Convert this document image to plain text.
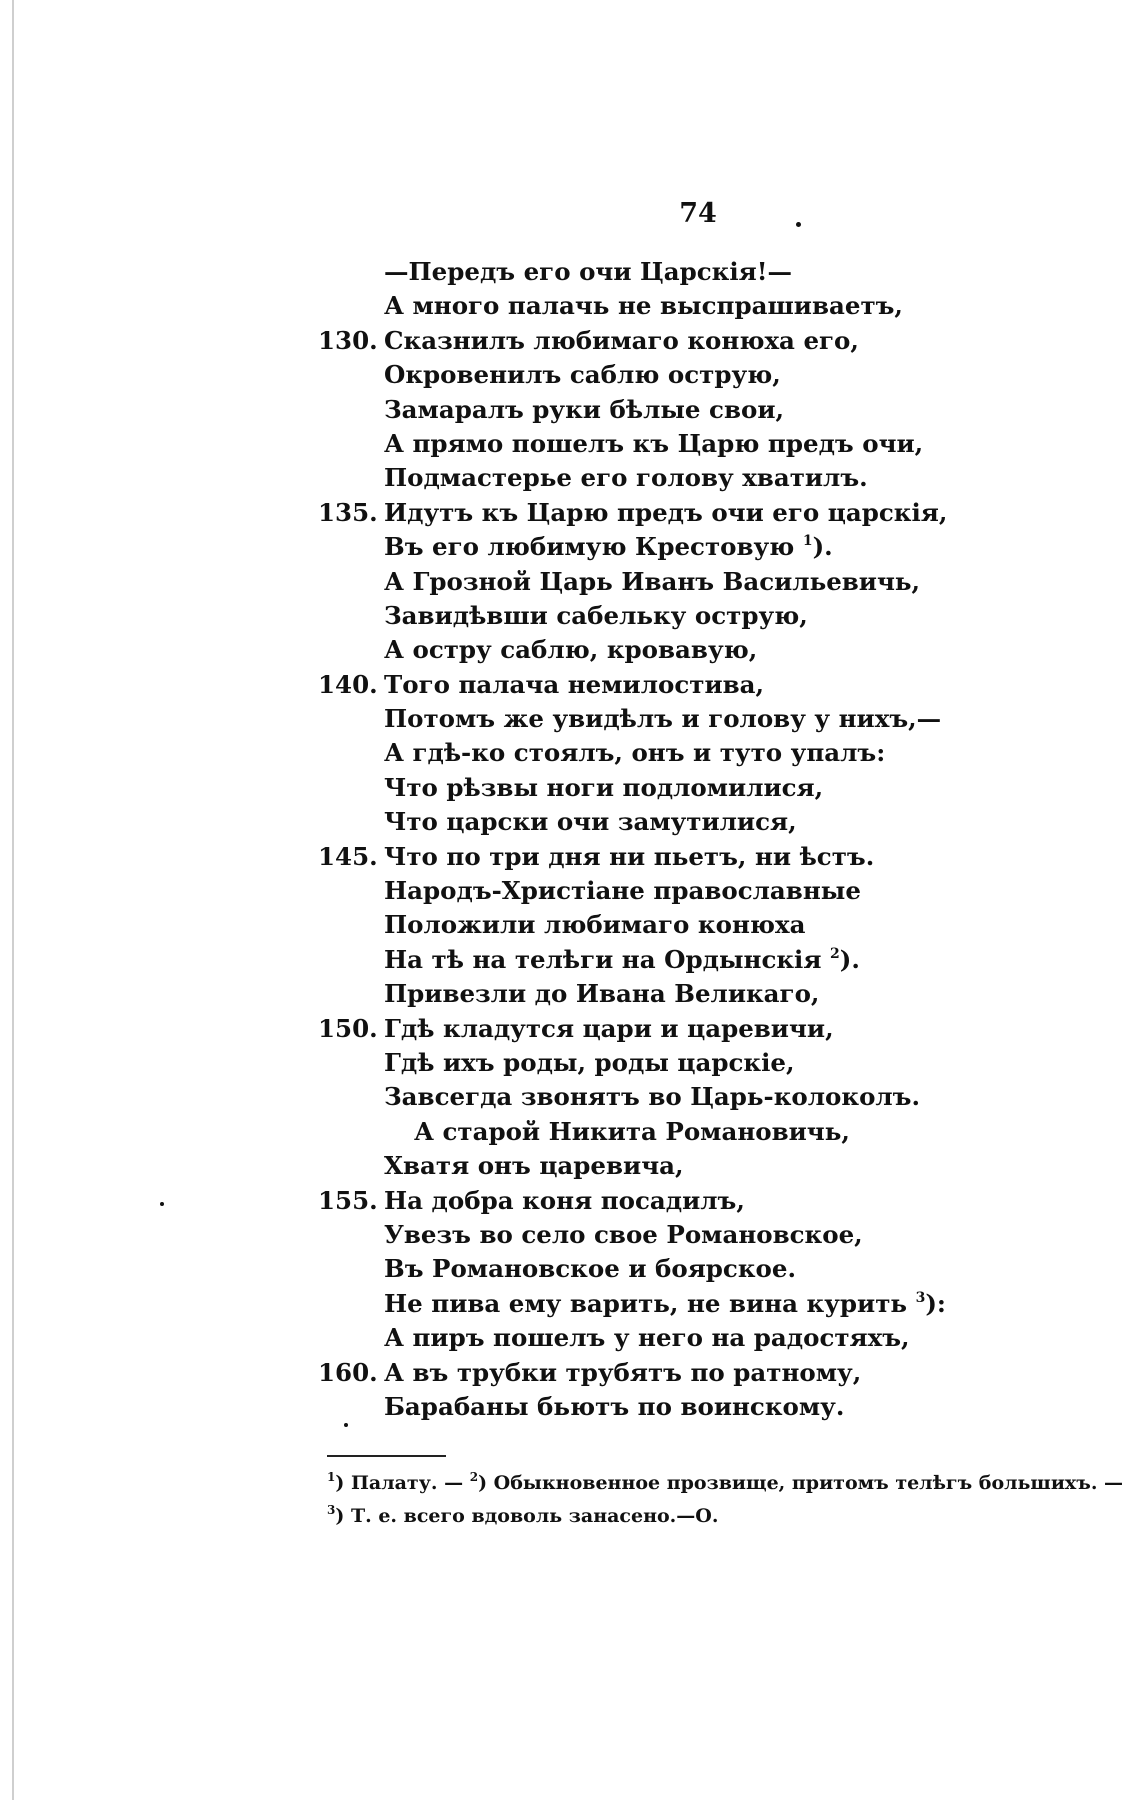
74
—Передъ его очи Царскiя!—
А много палачь не выспрашиваетъ,
130. Сказнилъ любимаго конюха его,
Окровенилъ саблю острую,
Замаралъ руки бѣлые свои,
А прямо пошелъ къ Царю предъ очи,
Подмастерье его голову хватилъ.
135. Идутъ къ Царю предъ очи его царскiя,
Въ его любимую Крестовую $^1$).
А Грозной Царь Иванъ Васильевичь,
Завидѣвши сабельку острую,
А остру саблю, кровавую,
140. Того палача немилостива,
Потомъ же увидѣлъ и голову у нихъ,—
А гдѣ-ко стоялъ, онъ и туто упалъ:
Что рѣзвы ноги подломилися,
Что царски очи замутилися,
145. Что по три дня ни пьетъ, ни ѣстъ.
Народъ-Христiане православные
Положили любимаго конюха
На тѣ на телѣги на Ордынскiя $^2$).
Привезли до Ивана Великаго,
150. Гдѣ кладутся цари и царевичи,
Гдѣ ихъ роды, роды царскiе,
Завсегда звонятъ во Царь-колоколъ.
А старой Никита Романовичь,
Хватя онъ царевича,
155. На добра коня посадилъ,
Увезъ во село свое Романовское,
Въ Романовское и боярское.
Не пива ему варить, не вина курить $^3$):
А пиръ пошелъ у него на радостяхъ,
160. А въ трубки трубятъ по ратному,
Барабаны бьютъ по воинскому.
$^1$) Палату. — $^2$) Обыкновенное прозвище, притомъ телѣгъ большихъ. —
$^3$) Т. е. всего вдоволь занасено.—О.
